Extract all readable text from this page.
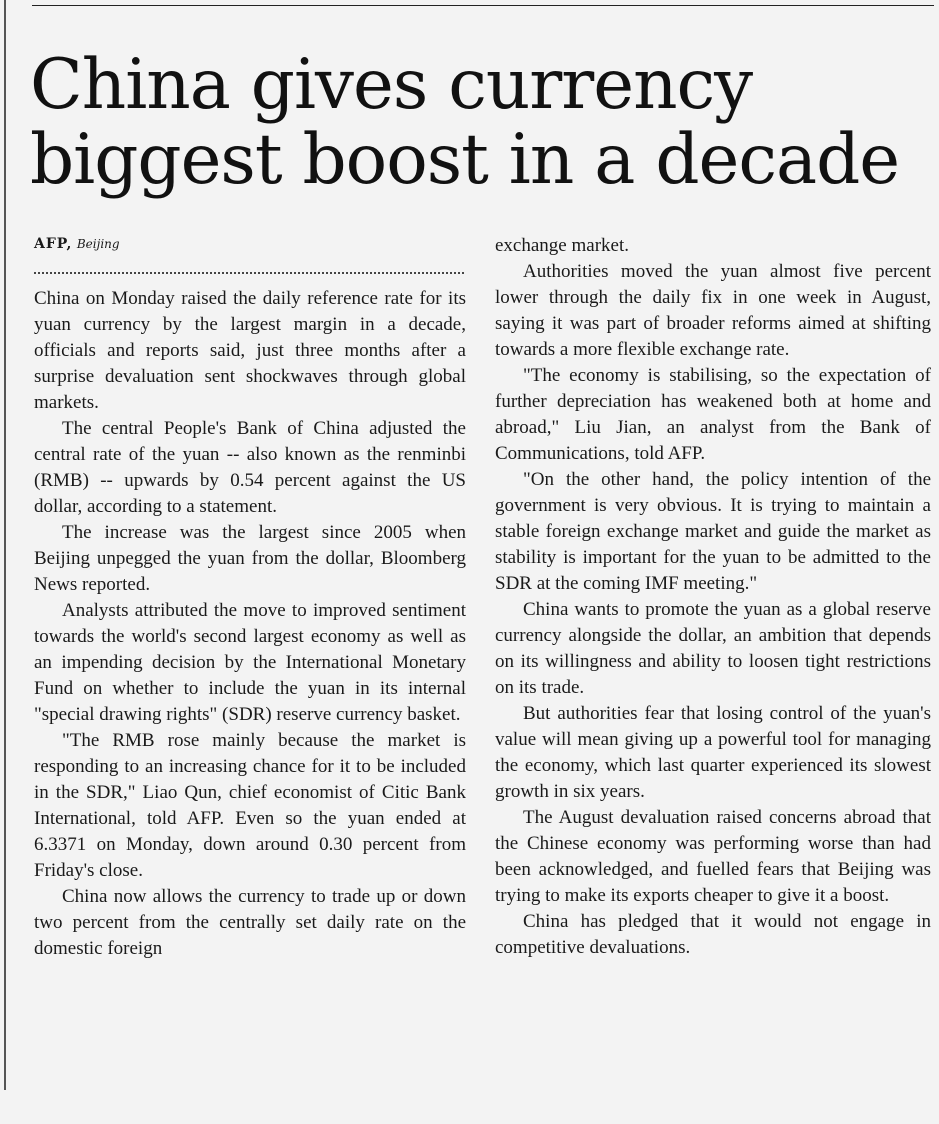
China gives currency
biggest boost in a decade
AFP, Beijing

China on Monday raised the daily reference rate for its yuan currency by the largest margin in a decade, officials and reports said, just three months after a surprise devaluation sent shockwaves through global markets.

The central People's Bank of China adjusted the central rate of the yuan -- also known as the renminbi (RMB) -- upwards by 0.54 percent against the US dollar, according to a statement.

The increase was the largest since 2005 when Beijing unpegged the yuan from the dollar, Bloomberg News reported.

Analysts attributed the move to improved sentiment towards the world's second largest economy as well as an impending decision by the International Monetary Fund on whether to include the yuan in its internal "special drawing rights" (SDR) reserve currency basket.

"The RMB rose mainly because the market is responding to an increasing chance for it to be included in the SDR," Liao Qun, chief economist of Citic Bank International, told AFP. Even so the yuan ended at 6.3371 on Monday, down around 0.30 percent from Friday's close.

China now allows the currency to trade up or down two percent from the centrally set daily rate on the domestic foreign

exchange market.

Authorities moved the yuan almost five percent lower through the daily fix in one week in August, saying it was part of broader reforms aimed at shifting towards a more flexible exchange rate.

"The economy is stabilising, so the expectation of further depreciation has weakened both at home and abroad," Liu Jian, an analyst from the Bank of Communications, told AFP.

"On the other hand, the policy intention of the government is very obvious. It is trying to maintain a stable foreign exchange market and guide the market as stability is important for the yuan to be admitted to the SDR at the coming IMF meeting."

China wants to promote the yuan as a global reserve currency alongside the dollar, an ambition that depends on its willingness and ability to loosen tight restrictions on its trade.

But authorities fear that losing control of the yuan's value will mean giving up a powerful tool for managing the economy, which last quarter experienced its slowest growth in six years.

The August devaluation raised concerns abroad that the Chinese economy was performing worse than had been acknowledged, and fuelled fears that Beijing was trying to make its exports cheaper to give it a boost.

China has pledged that it would not engage in competitive devaluations.
